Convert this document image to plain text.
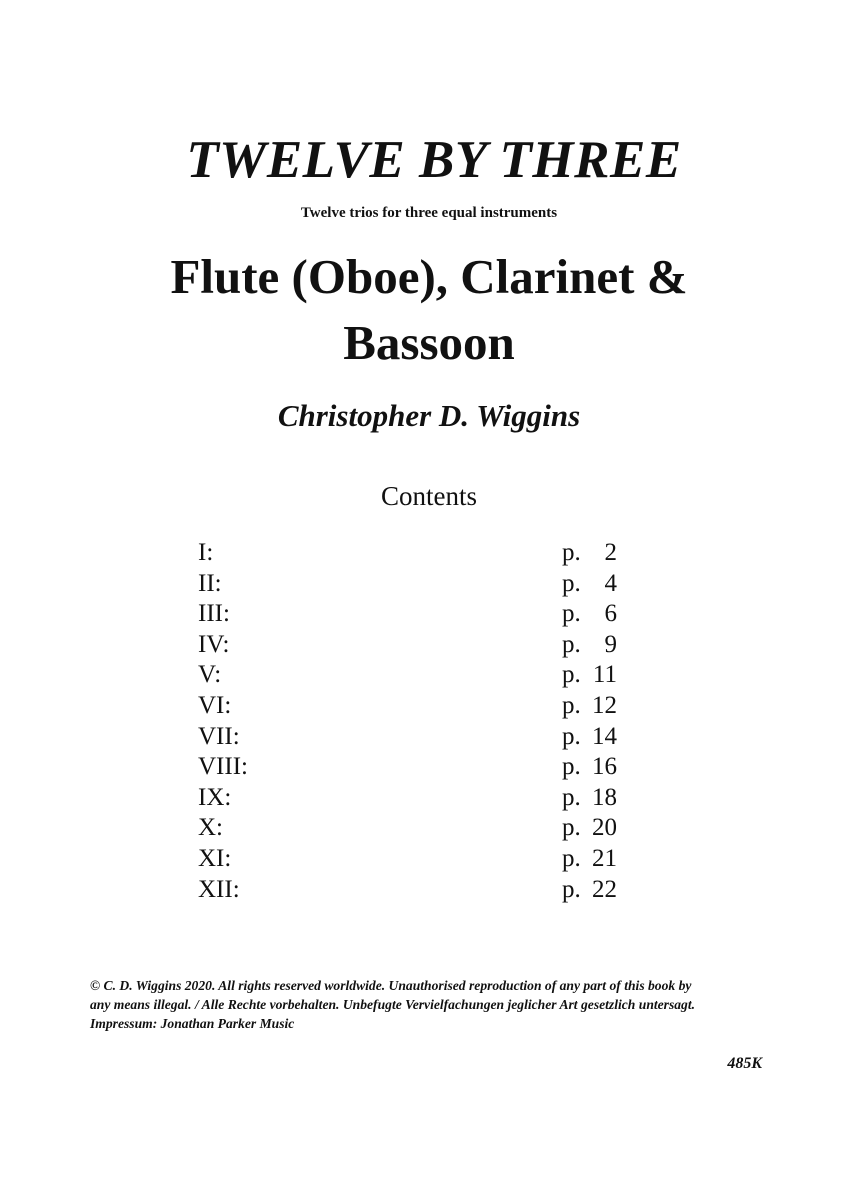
TWELVE BY THREE
Twelve trios for three equal instruments
Flute (Oboe), Clarinet &
Bassoon
Christopher D. Wiggins
Contents
I:	p. 2
II:	p. 4
III:	p. 6
IV:	p. 9
V:	p. 11
VI:	p. 12
VII:	p. 14
VIII:	p. 16
IX:	p. 18
X:	p. 20
XI:	p. 21
XII:	p. 22
© C. D. Wiggins 2020. All rights reserved worldwide. Unauthorised reproduction of any part of this book by
any means illegal. / Alle Rechte vorbehalten. Unbefugte Vervielfachungen jeglicher Art gesetzlich untersagt.
Impressum: Jonathan Parker Music
485K
